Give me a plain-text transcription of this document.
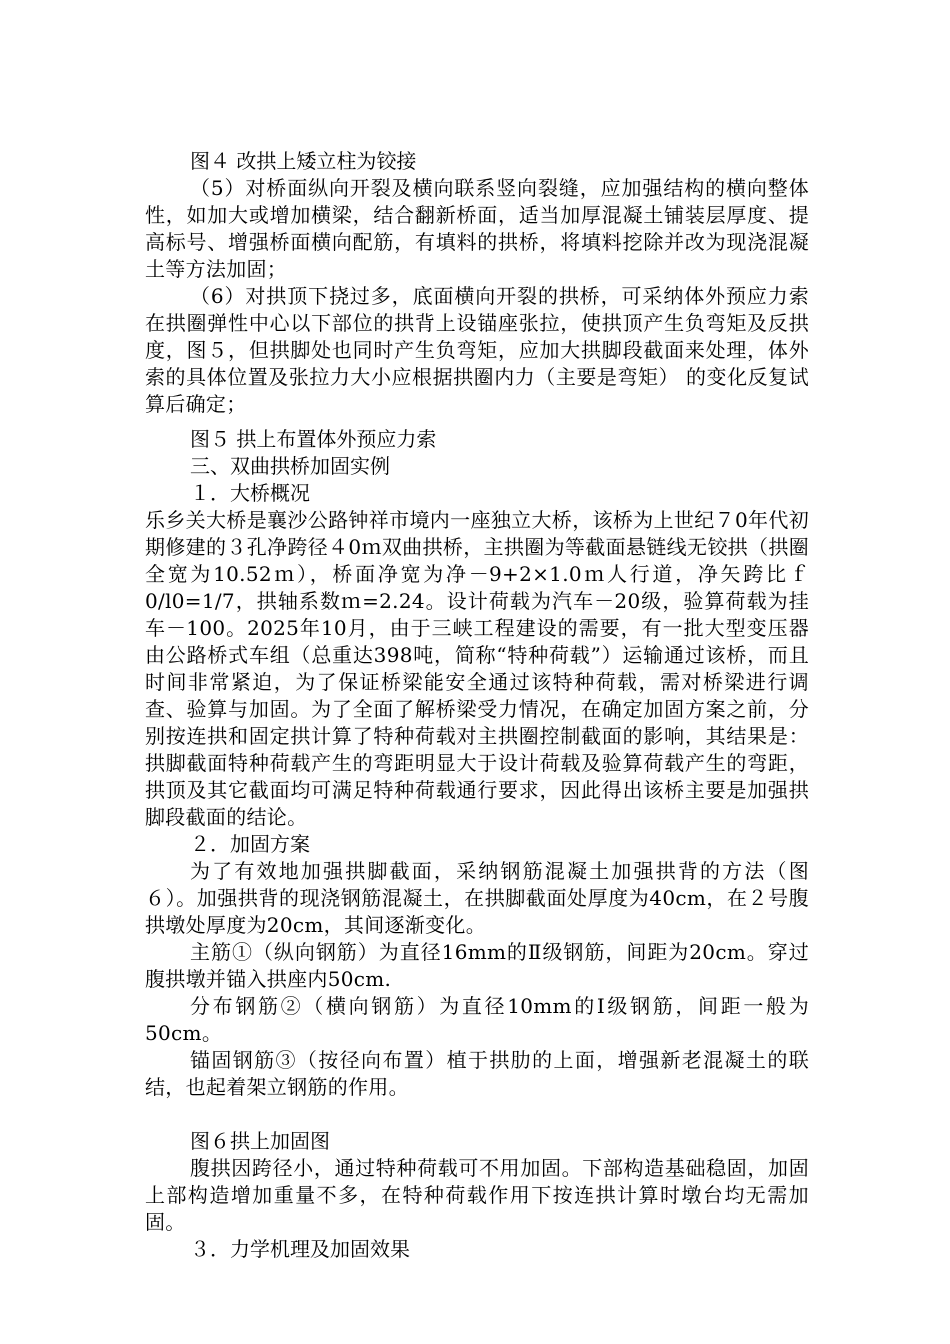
图４ 改拱上矮立柱为铰接
（5）对桥面纵向开裂及横向联系竖向裂缝，应加强结构的横向整体性，如加大或增加横梁，结合翻新桥面，适当加厚混凝土铺装层厚度、提高标号、增强桥面横向配筋，有填料的拱桥，将填料挖除并改为现浇混凝土等方法加固；
（6）对拱顶下挠过多，底面横向开裂的拱桥，可采纳体外预应力索在拱圈弹性中心以下部位的拱背上设锚座张拉，使拱顶产生负弯矩及反拱度，图５，但拱脚处也同时产生负弯矩，应加大拱脚段截面来处理，体外索的具体位置及张拉力大小应根据拱圈内力（主要是弯矩） 的变化反复试算后确定；
图５ 拱上布置体外预应力索
三、双曲拱桥加固实例
１．大桥概况
乐乡关大桥是襄沙公路钟祥市境内一座独立大桥，该桥为上世纪７0年代初期修建的３孔净跨径４0ｍ双曲拱桥，主拱圈为等截面悬链线无铰拱（拱圈全宽为10.52ｍ），桥面净宽为净－9+2×1.0ｍ人行道，净矢跨比ｆ0/l0=1/7，拱轴系数ｍ=2.24。设计荷载为汽车－20级，验算荷载为挂车－100。2025年10月，由于三峡工程建设的需要，有一批大型变压器由公路桥式车组（总重达398吨，简称“特种荷载”）运输通过该桥，而且时间非常紧迫，为了保证桥梁能安全通过该特种荷载，需对桥梁进行调查、验算与加固。为了全面了解桥梁受力情况，在确定加固方案之前，分别按连拱和固定拱计算了特种荷载对主拱圈控制截面的影响，其结果是：拱脚截面特种荷载产生的弯距明显大于设计荷载及验算荷载产生的弯距，拱顶及其它截面均可满足特种荷载通行要求，因此得出该桥主要是加强拱脚段截面的结论。
２．加固方案
为了有效地加强拱脚截面，采纳钢筋混凝土加强拱背的方法（图６）。加强拱背的现浇钢筋混凝土，在拱脚截面处厚度为40cm，在２号腹拱墩处厚度为20cm，其间逐渐变化。
主筋①（纵向钢筋）为直径16mm的Ⅱ级钢筋，间距为20cm。穿过腹拱墩并锚入拱座内50cm.
分布钢筋②（横向钢筋）为直径10mm的Ⅰ级钢筋，间距一般为50cm。
锚固钢筋③（按径向布置）植于拱肋的上面，增强新老混凝土的联结，也起着架立钢筋的作用。
图６拱上加固图
腹拱因跨径小，通过特种荷载可不用加固。下部构造基础稳固，加固上部构造增加重量不多，在特种荷载作用下按连拱计算时墩台均无需加固。
３．力学机理及加固效果
